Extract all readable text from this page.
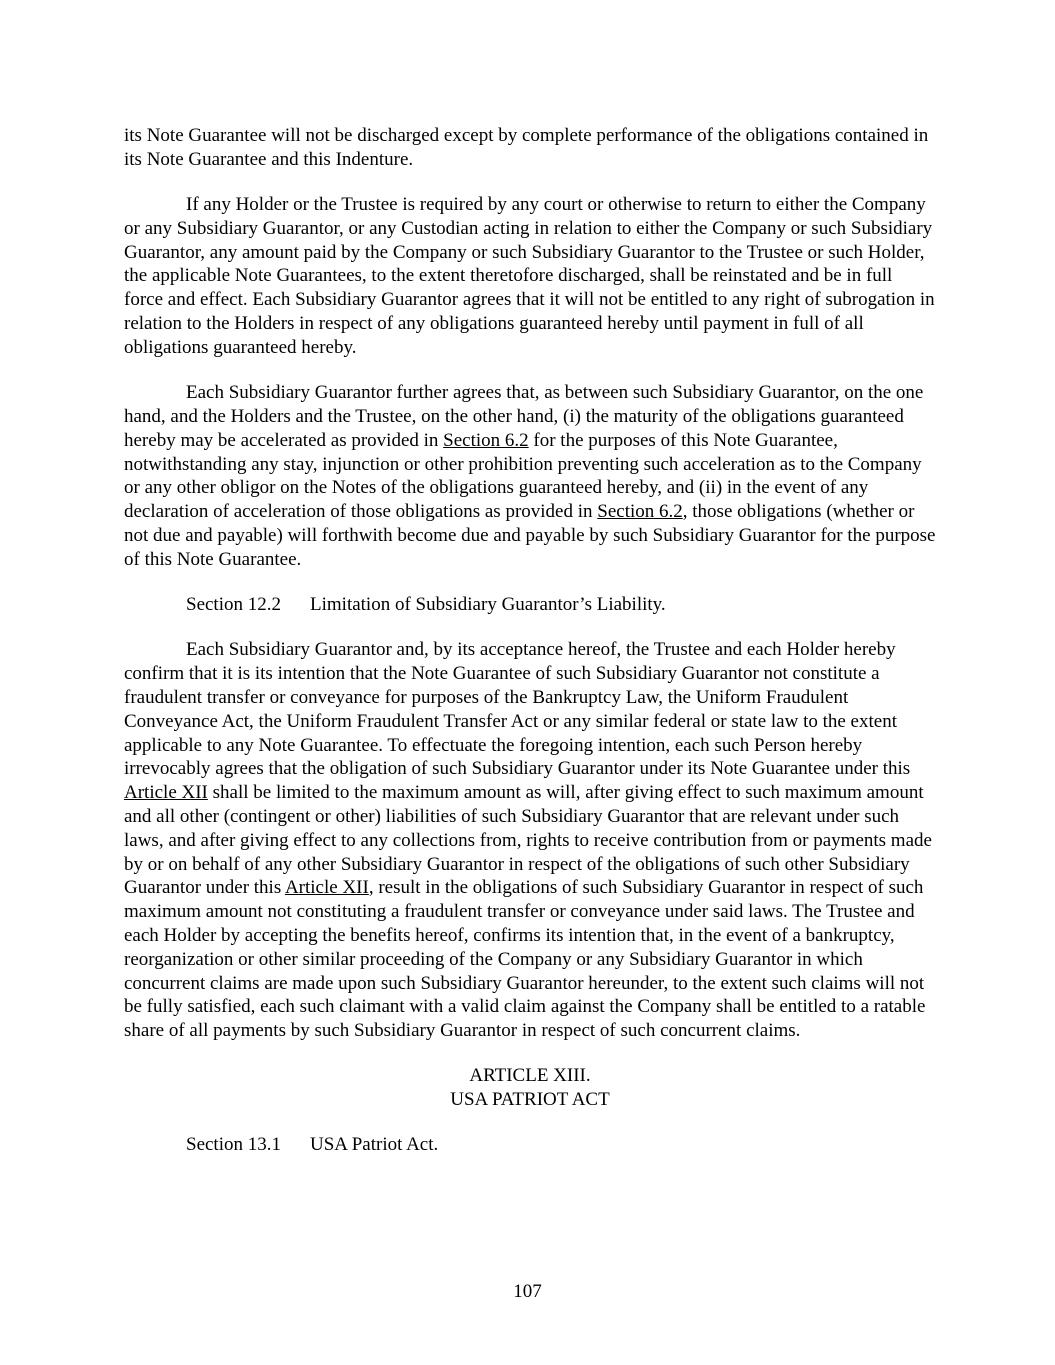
its Note Guarantee will not be discharged except by complete performance of the obligations contained in its Note Guarantee and this Indenture.

If any Holder or the Trustee is required by any court or otherwise to return to either the Company or any Subsidiary Guarantor, or any Custodian acting in relation to either the Company or such Subsidiary Guarantor, any amount paid by the Company or such Subsidiary Guarantor to the Trustee or such Holder, the applicable Note Guarantees, to the extent theretofore discharged, shall be reinstated and be in full force and effect. Each Subsidiary Guarantor agrees that it will not be entitled to any right of subrogation in relation to the Holders in respect of any obligations guaranteed hereby until payment in full of all obligations guaranteed hereby.

Each Subsidiary Guarantor further agrees that, as between such Subsidiary Guarantor, on the one hand, and the Holders and the Trustee, on the other hand, (i) the maturity of the obligations guaranteed hereby may be accelerated as provided in Section 6.2 for the purposes of this Note Guarantee, notwithstanding any stay, injunction or other prohibition preventing such acceleration as to the Company or any other obligor on the Notes of the obligations guaranteed hereby, and (ii) in the event of any declaration of acceleration of those obligations as provided in Section 6.2, those obligations (whether or not due and payable) will forthwith become due and payable by such Subsidiary Guarantor for the purpose of this Note Guarantee.

Section 12.2 Limitation of Subsidiary Guarantor’s Liability.

Each Subsidiary Guarantor and, by its acceptance hereof, the Trustee and each Holder hereby confirm that it is its intention that the Note Guarantee of such Subsidiary Guarantor not constitute a fraudulent transfer or conveyance for purposes of the Bankruptcy Law, the Uniform Fraudulent Conveyance Act, the Uniform Fraudulent Transfer Act or any similar federal or state law to the extent applicable to any Note Guarantee. To effectuate the foregoing intention, each such Person hereby irrevocably agrees that the obligation of such Subsidiary Guarantor under its Note Guarantee under this Article XII shall be limited to the maximum amount as will, after giving effect to such maximum amount and all other (contingent or other) liabilities of such Subsidiary Guarantor that are relevant under such laws, and after giving effect to any collections from, rights to receive contribution from or payments made by or on behalf of any other Subsidiary Guarantor in respect of the obligations of such other Subsidiary Guarantor under this Article XII, result in the obligations of such Subsidiary Guarantor in respect of such maximum amount not constituting a fraudulent transfer or conveyance under said laws. The Trustee and each Holder by accepting the benefits hereof, confirms its intention that, in the event of a bankruptcy, reorganization or other similar proceeding of the Company or any Subsidiary Guarantor in which concurrent claims are made upon such Subsidiary Guarantor hereunder, to the extent such claims will not be fully satisfied, each such claimant with a valid claim against the Company shall be entitled to a ratable share of all payments by such Subsidiary Guarantor in respect of such concurrent claims.

ARTICLE XIII.
USA PATRIOT ACT
Section 13.1 USA Patriot Act.
107
